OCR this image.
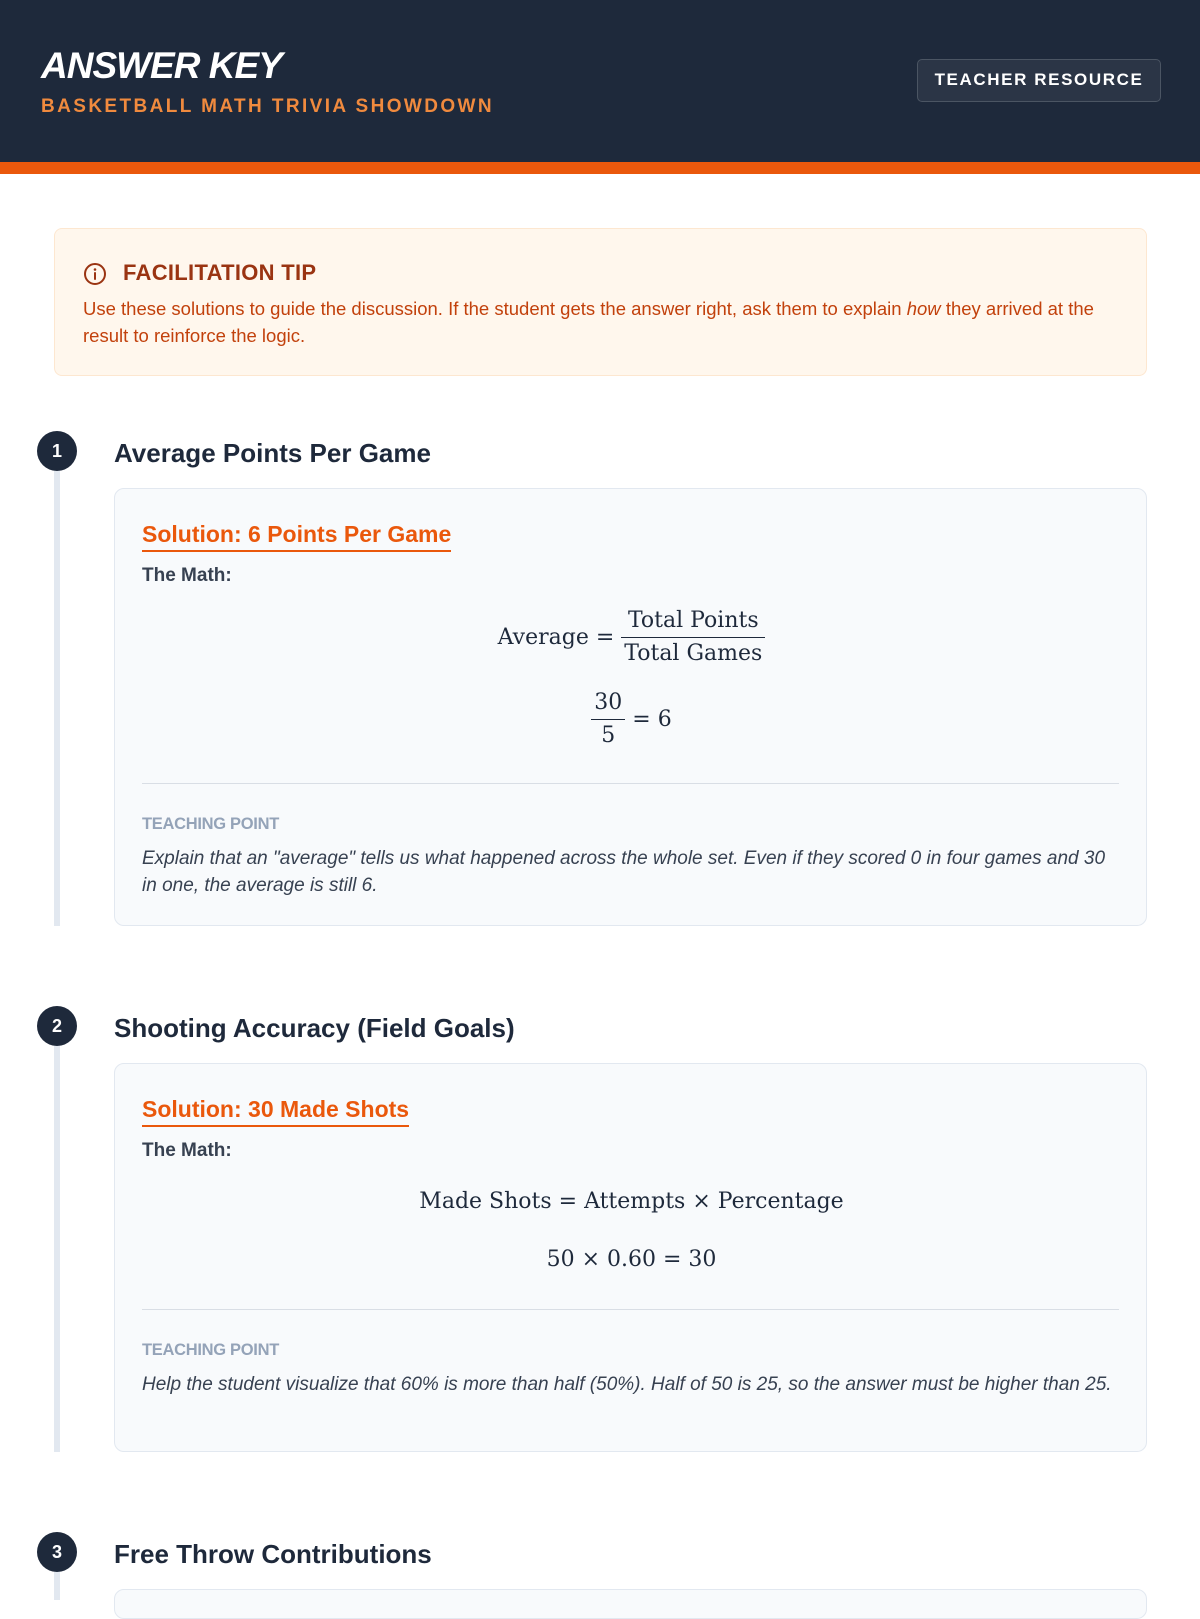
ANSWER KEY
BASKETBALL MATH TRIVIA SHOWDOWN
TEACHER RESOURCE
FACILITATION TIP
Use these solutions to guide the discussion. If the student gets the answer right, ask them to explain how they arrived at the result to reinforce the logic.
1	Average Points Per Game
Solution: 6 Points Per Game
The Math:
Average = $\frac{\text{Total Points}}{\text{Total Games}}$
$\frac{30}{5} = 6$
TEACHING POINT
Explain that an "average" tells us what happened across the whole set. Even if they scored 0 in four games and 30 in one, the average is still 6.
2	Shooting Accuracy (Field Goals)
Solution: 30 Made Shots
The Math:
Made Shots = Attempts × Percentage
50 × 0.60 = 30
TEACHING POINT
Help the student visualize that 60% is more than half (50%). Half of 50 is 25, so the answer must be higher than 25.
3	Free Throw Contributions
